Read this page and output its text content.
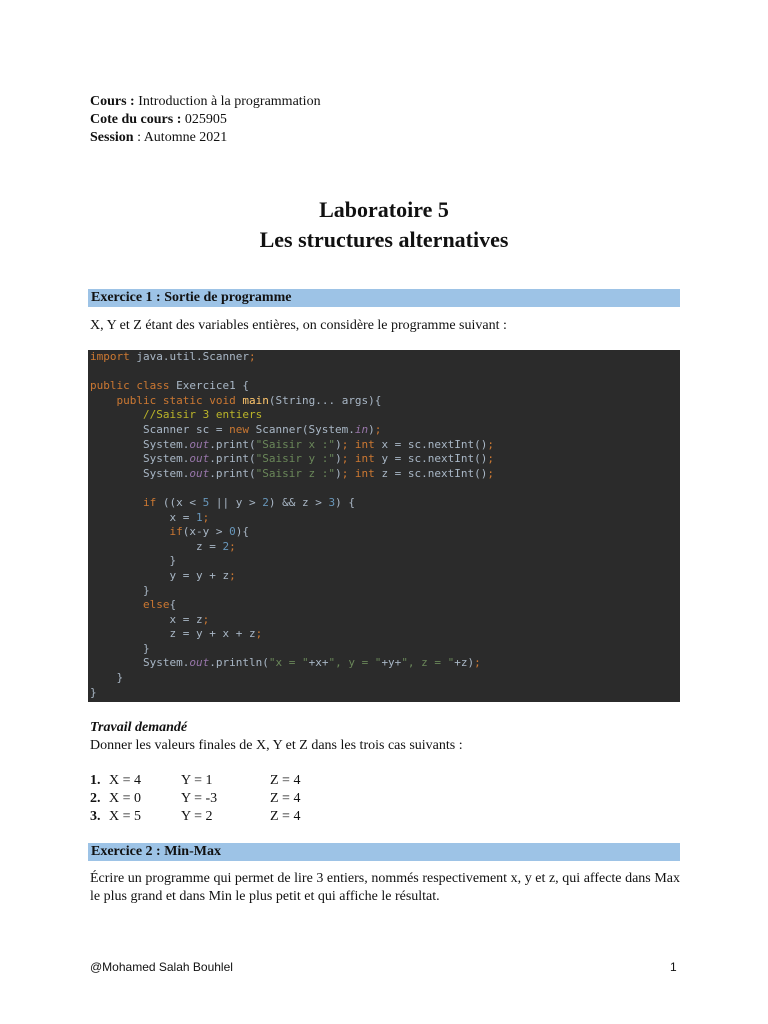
Cours : Introduction à la programmation
Cote du cours : 025905
Session : Automne 2021
Laboratoire 5
Les structures alternatives
Exercice 1 : Sortie de programme
X, Y et Z étant des variables entières, on considère le programme suivant :
import java.util.Scanner;
public class Exercice1 {
public static void main(String... args){
//Saisir 3 entiers
Scanner sc = new Scanner(System.in);
System.out.print("Saisir x :"); int x = sc.nextInt();
System.out.print("Saisir y :"); int y = sc.nextInt();
System.out.print("Saisir z :"); int z = sc.nextInt();
if ((x < 5 || y > 2) && z > 3) {
x = 1;
if(x-y > 0){
z = 2;
}
y = y + z;
}
else{
x = z;
z = y + x + z;
}
System.out.println("x = "+x+", y = "+y+", z = "+z);
}
}
Travail demandé
Donner les valeurs finales de X, Y et Z dans les trois cas suivants :
1. X = 4	Y = 1	Z = 4
2. X = 0	Y = -3	Z = 4
3. X = 5	Y = 2	Z = 4
Exercice 2 : Min-Max
Écrire un programme qui permet de lire 3 entiers, nommés respectivement x, y et z, qui affecte dans Max le plus grand et dans Min le plus petit et qui affiche le résultat.
@Mohamed Salah Bouhlel	1
